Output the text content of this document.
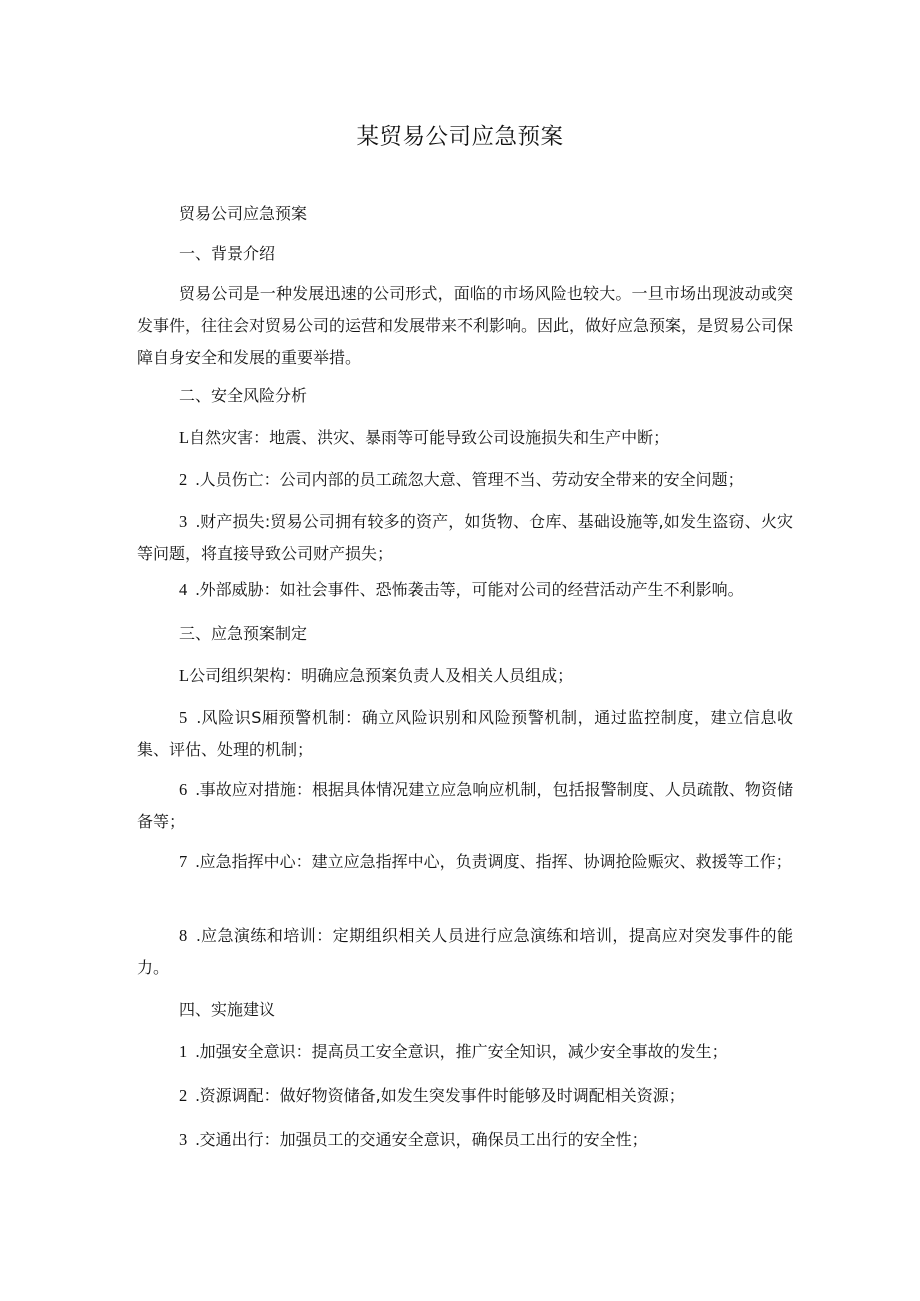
某贸易公司应急预案

贸易公司应急预案

一、背景介绍

贸易公司是一种发展迅速的公司形式，面临的市场风险也较大。一旦市场出现波动或突发事件，往往会对贸易公司的运营和发展带来不利影响。因此，做好应急预案，是贸易公司保障自身安全和发展的重要举措。

二、安全风险分析

L自然灾害：地震、洪灾、暴雨等可能导致公司设施损失和生产中断；

2  .人员伤亡：公司内部的员工疏忽大意、管理不当、劳动安全带来的安全问题；

3  .财产损失:贸易公司拥有较多的资产，如货物、仓库、基础设施等,如发生盗窃、火灾等问题，将直接导致公司财产损失；

4  .外部威胁：如社会事件、恐怖袭击等，可能对公司的经营活动产生不利影响。

三、应急预案制定

L公司组织架构：明确应急预案负责人及相关人员组成；

5  .风险识S厢预警机制：确立风险识别和风险预警机制，通过监控制度，建立信息收集、评估、处理的机制；

6  .事故应对措施：根据具体情况建立应急响应机制，包括报警制度、人员疏散、物资储备等；

7  .应急指挥中心：建立应急指挥中心，负责调度、指挥、协调抢险赈灾、救援等工作；

8  .应急演练和培训：定期组织相关人员进行应急演练和培训，提高应对突发事件的能力。

四、实施建议

1  .加强安全意识：提高员工安全意识，推广安全知识，减少安全事故的发生；

2  .资源调配：做好物资储备,如发生突发事件时能够及时调配相关资源；

3  .交通出行：加强员工的交通安全意识，确保员工出行的安全性；
